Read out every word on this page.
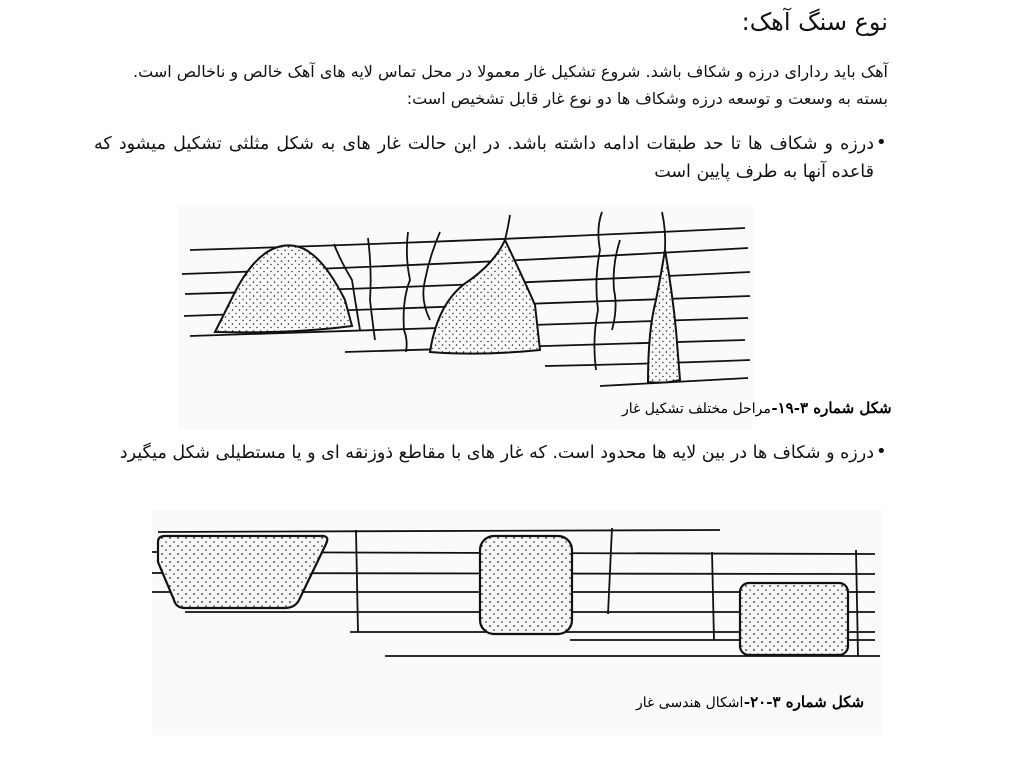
نوع سنگ آهک:
آهک باید ردارای درزه و شکاف باشد. شروع تشکیل غار معمولا در محل تماس لایه های آهک خالص و ناخالص است. بسته به وسعت و توسعه درزه وشکاف ها دو نوع غار قابل تشخیص است:
•
درزه و شکاف ها تا حد طبقات ادامه داشته باشد. در این حالت غار های به شکل مثلثی تشکیل میشود که قاعده آنها به طرف پایین است
•
درزه و شکاف ها در بین لایه ها محدود است. که غار های با مقاطع ذوزنقه ای و یا مستطیلی شکل میگیرد
شکل شماره ۳-۱۹- مراحل مختلف تشکیل غار
شکل شماره ۳-۲۰- اشکال هندسی غار
